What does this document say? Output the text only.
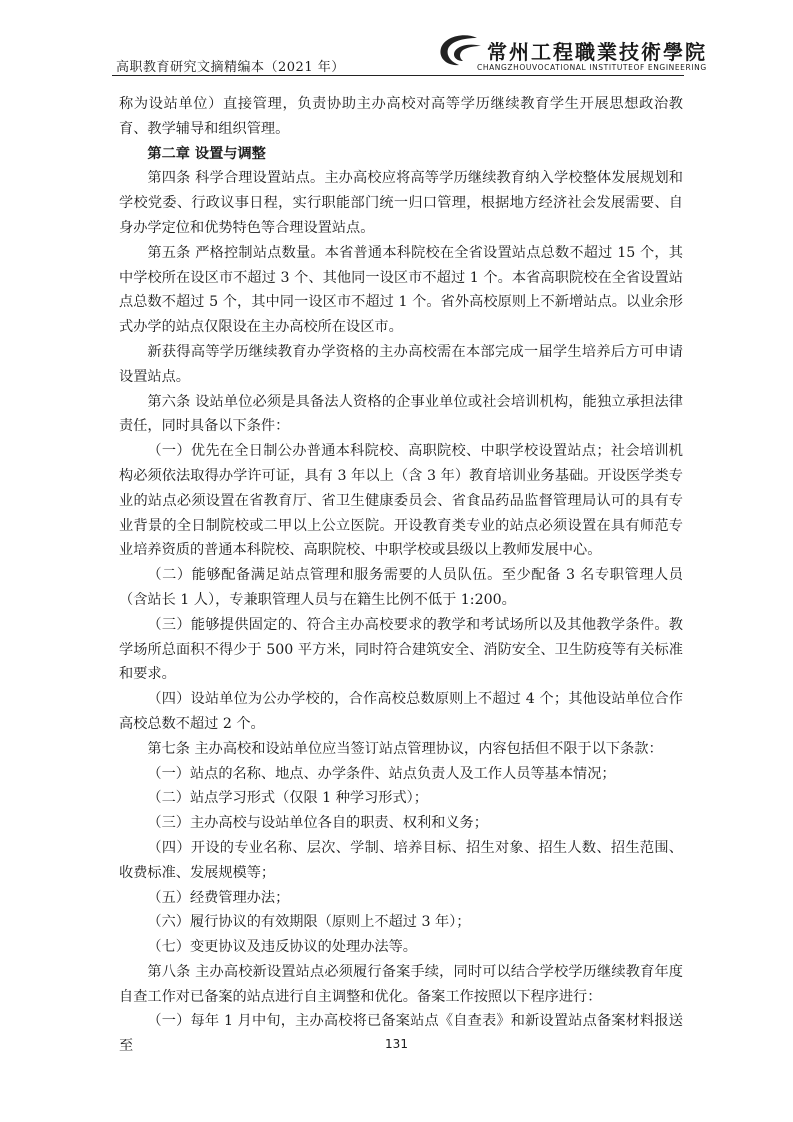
高职教育研究文摘精编本（2021 年）
常州工程職業技術學院
CHANGZHOUVOCATIONAL INSTITUTEOF ENGINEERING

称为设站单位）直接管理，负责协助主办高校对高等学历继续教育学生开展思想政治教育、教学辅导和组织管理。

第二章 设置与调整

第四条 科学合理设置站点。主办高校应将高等学历继续教育纳入学校整体发展规划和学校党委、行政议事日程，实行职能部门统一归口管理，根据地方经济社会发展需要、自身办学定位和优势特色等合理设置站点。

第五条 严格控制站点数量。本省普通本科院校在全省设置站点总数不超过 15 个，其中学校所在设区市不超过 3 个、其他同一设区市不超过 1 个。本省高职院校在全省设置站点总数不超过 5 个，其中同一设区市不超过 1 个。省外高校原则上不新增站点。以业余形式办学的站点仅限设在主办高校所在设区市。

新获得高等学历继续教育办学资格的主办高校需在本部完成一届学生培养后方可申请设置站点。

第六条 设站单位必须是具备法人资格的企事业单位或社会培训机构，能独立承担法律责任，同时具备以下条件：

（一）优先在全日制公办普通本科院校、高职院校、中职学校设置站点；社会培训机构必须依法取得办学许可证，具有 3 年以上（含 3 年）教育培训业务基础。开设医学类专业的站点必须设置在省教育厅、省卫生健康委员会、省食品药品监督管理局认可的具有专业背景的全日制院校或二甲以上公立医院。开设教育类专业的站点必须设置在具有师范专业培养资质的普通本科院校、高职院校、中职学校或县级以上教师发展中心。

（二）能够配备满足站点管理和服务需要的人员队伍。至少配备 3 名专职管理人员（含站长 1 人），专兼职管理人员与在籍生比例不低于 1:200。

（三）能够提供固定的、符合主办高校要求的教学和考试场所以及其他教学条件。教学场所总面积不得少于 500 平方米，同时符合建筑安全、消防安全、卫生防疫等有关标准和要求。

（四）设站单位为公办学校的，合作高校总数原则上不超过 4 个；其他设站单位合作高校总数不超过 2 个。

第七条 主办高校和设站单位应当签订站点管理协议，内容包括但不限于以下条款：

（一）站点的名称、地点、办学条件、站点负责人及工作人员等基本情况；

（二）站点学习形式（仅限 1 种学习形式）；

（三）主办高校与设站单位各自的职责、权利和义务；

（四）开设的专业名称、层次、学制、培养目标、招生对象、招生人数、招生范围、收费标准、发展规模等；

（五）经费管理办法；

（六）履行协议的有效期限（原则上不超过 3 年）；

（七）变更协议及违反协议的处理办法等。

第八条 主办高校新设置站点必须履行备案手续，同时可以结合学校学历继续教育年度自查工作对已备案的站点进行自主调整和优化。备案工作按照以下程序进行：

（一）每年 1 月中旬，主办高校将已备案站点《自查表》和新设置站点备案材料报送至	131
